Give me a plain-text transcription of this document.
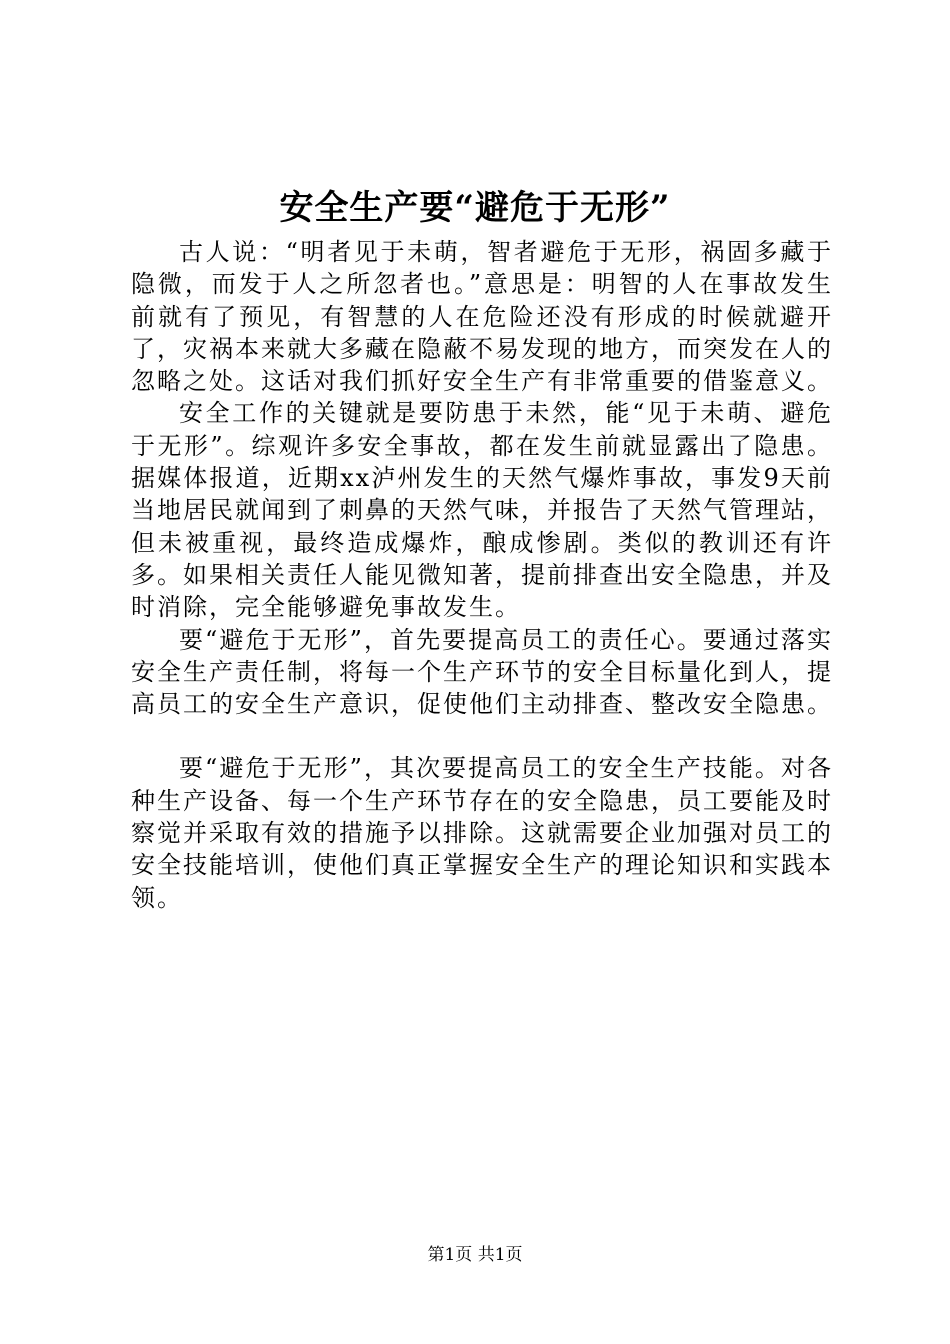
安全生产要“避危于无形”

古人说：“明者见于未萌，智者避危于无形，祸固多藏于隐微，而发于人之所忽者也。”意思是：明智的人在事故发生前就有了预见，有智慧的人在危险还没有形成的时候就避开了，灾祸本来就大多藏在隐蔽不易发现的地方，而突发在人的忽略之处。这话对我们抓好安全生产有非常重要的借鉴意义。

安全工作的关键就是要防患于未然，能“见于未萌、避危于无形”。综观许多安全事故，都在发生前就显露出了隐患。据媒体报道，近期xx泸州发生的天然气爆炸事故，事发9天前当地居民就闻到了刺鼻的天然气味，并报告了天然气管理站，但未被重视，最终造成爆炸，酿成惨剧。类似的教训还有许多。如果相关责任人能见微知著，提前排查出安全隐患，并及时消除，完全能够避免事故发生。

要“避危于无形”，首先要提高员工的责任心。要通过落实安全生产责任制，将每一个生产环节的安全目标量化到人，提高员工的安全生产意识，促使他们主动排查、整改安全隐患。

要“避危于无形”，其次要提高员工的安全生产技能。对各种生产设备、每一个生产环节存在的安全隐患，员工要能及时察觉并采取有效的措施予以排除。这就需要企业加强对员工的安全技能培训，使他们真正掌握安全生产的理论知识和实践本领。

第1页 共1页
